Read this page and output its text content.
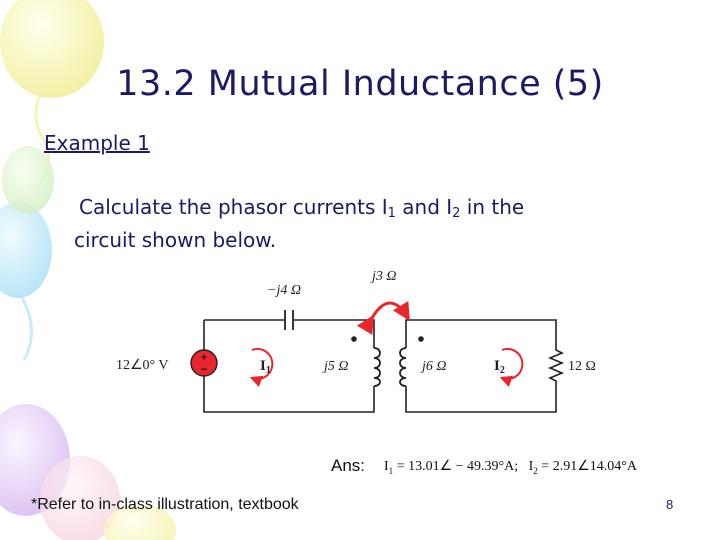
13.2 Mutual Inductance (5)
Example 1
Calculate the phasor currents $I_1$ and $I_2$ in the
circuit shown below.
−j4 Ω
+
−
12∠0° V	$I_1$	j5 Ω	j6 Ω
j3 Ω
$I_2$	12 Ω
Ans: $I_1$ = 13.01∠ − 49.39°A; $I_2$ = 2.91∠14.04°A
*Refer to in-class illustration, textbook	8
